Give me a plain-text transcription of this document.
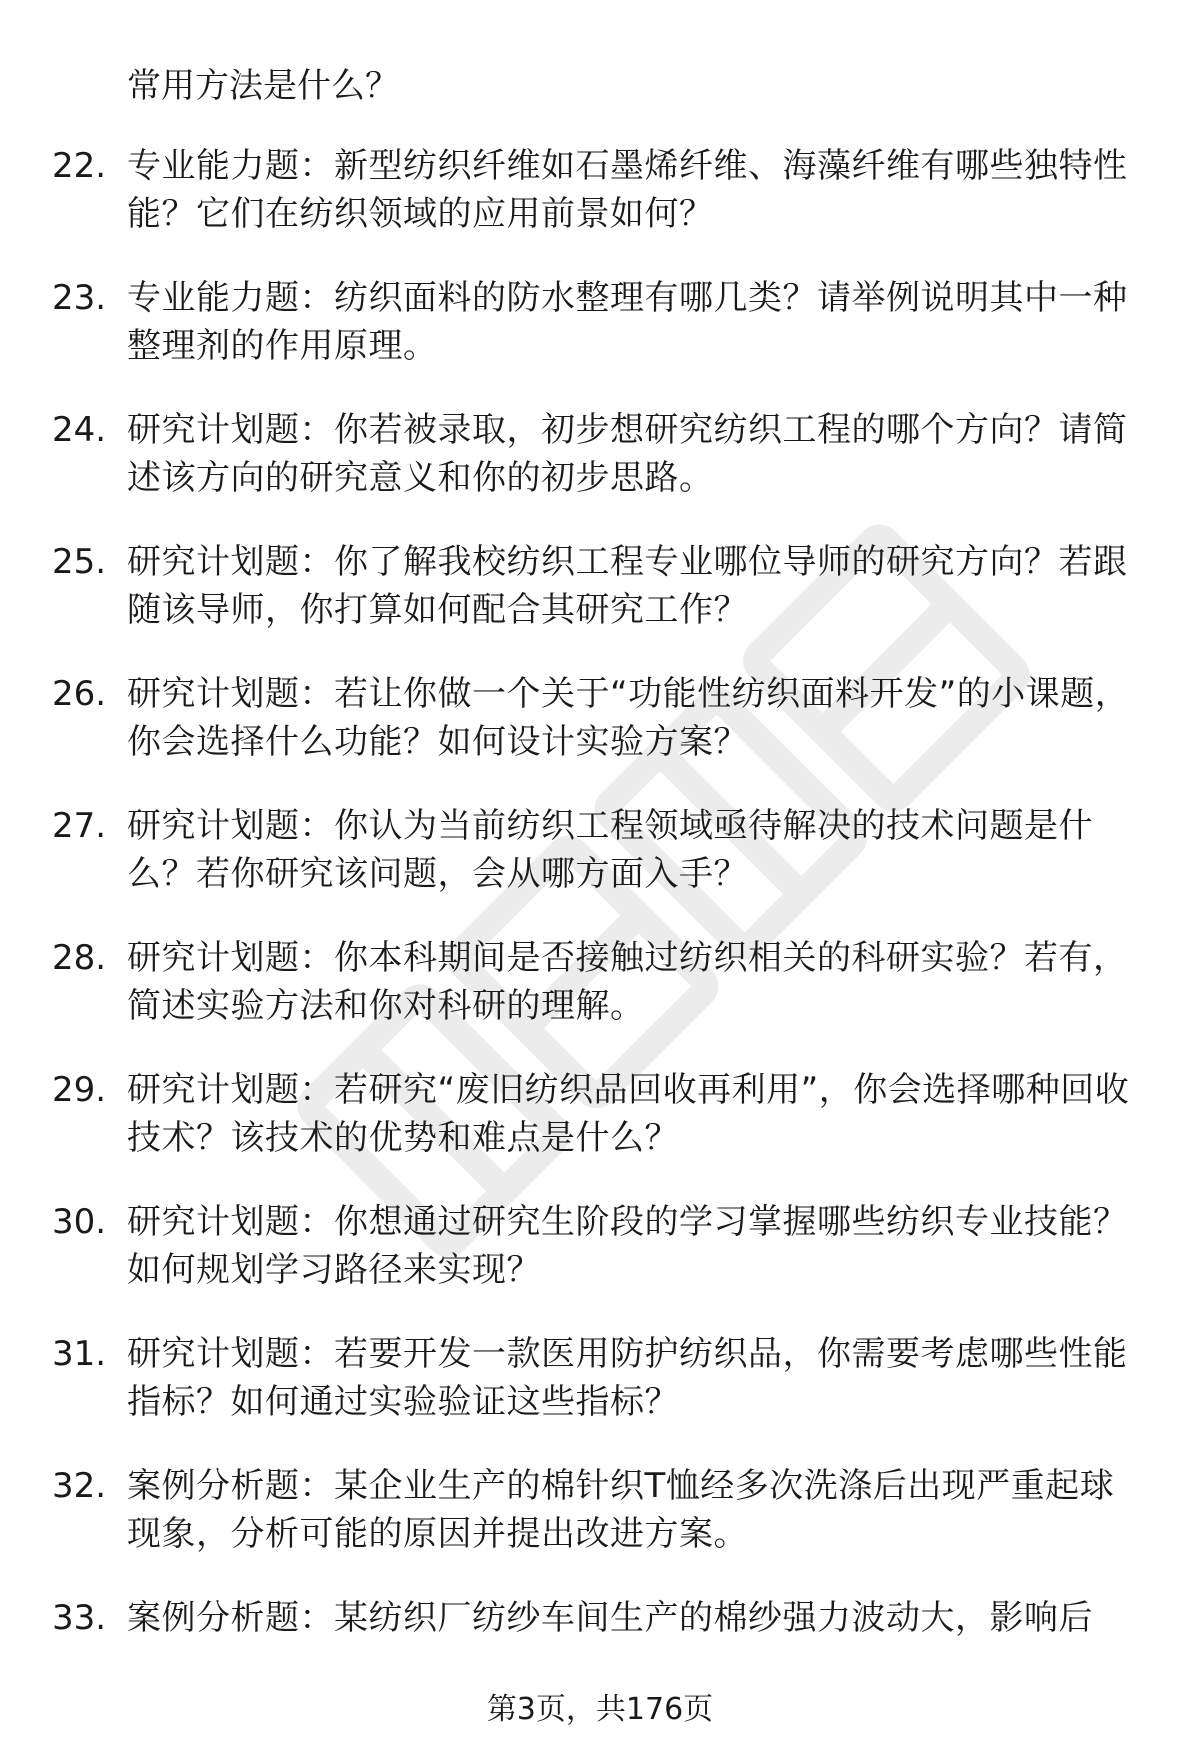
常用方法是什么？
22. 专业能力题：新型纺织纤维如石墨烯纤维、海藻纤维有哪些独特性能？它们在纺织领域的应用前景如何？
23. 专业能力题：纺织面料的防水整理有哪几类？请举例说明其中一种整理剂的作用原理。
24. 研究计划题：你若被录取，初步想研究纺织工程的哪个方向？请简述该方向的研究意义和你的初步思路。
25. 研究计划题：你了解我校纺织工程专业哪位导师的研究方向？若跟随该导师，你打算如何配合其研究工作？
26. 研究计划题：若让你做一个关于“功能性纺织面料开发”的小课题，你会选择什么功能？如何设计实验方案？
27. 研究计划题：你认为当前纺织工程领域亟待解决的技术问题是什么？若你研究该问题，会从哪方面入手？
28. 研究计划题：你本科期间是否接触过纺织相关的科研实验？若有，简述实验方法和你对科研的理解。
29. 研究计划题：若研究“废旧纺织品回收再利用”，你会选择哪种回收技术？该技术的优势和难点是什么？
30. 研究计划题：你想通过研究生阶段的学习掌握哪些纺织专业技能？如何规划学习路径来实现？
31. 研究计划题：若要开发一款医用防护纺织品，你需要考虑哪些性能指标？如何通过实验验证这些指标？
32. 案例分析题：某企业生产的棉针织T恤经多次洗涤后出现严重起球现象，分析可能的原因并提出改进方案。
33. 案例分析题：某纺织厂纺纱车间生产的棉纱强力波动大，影响后
第3页，共176页
